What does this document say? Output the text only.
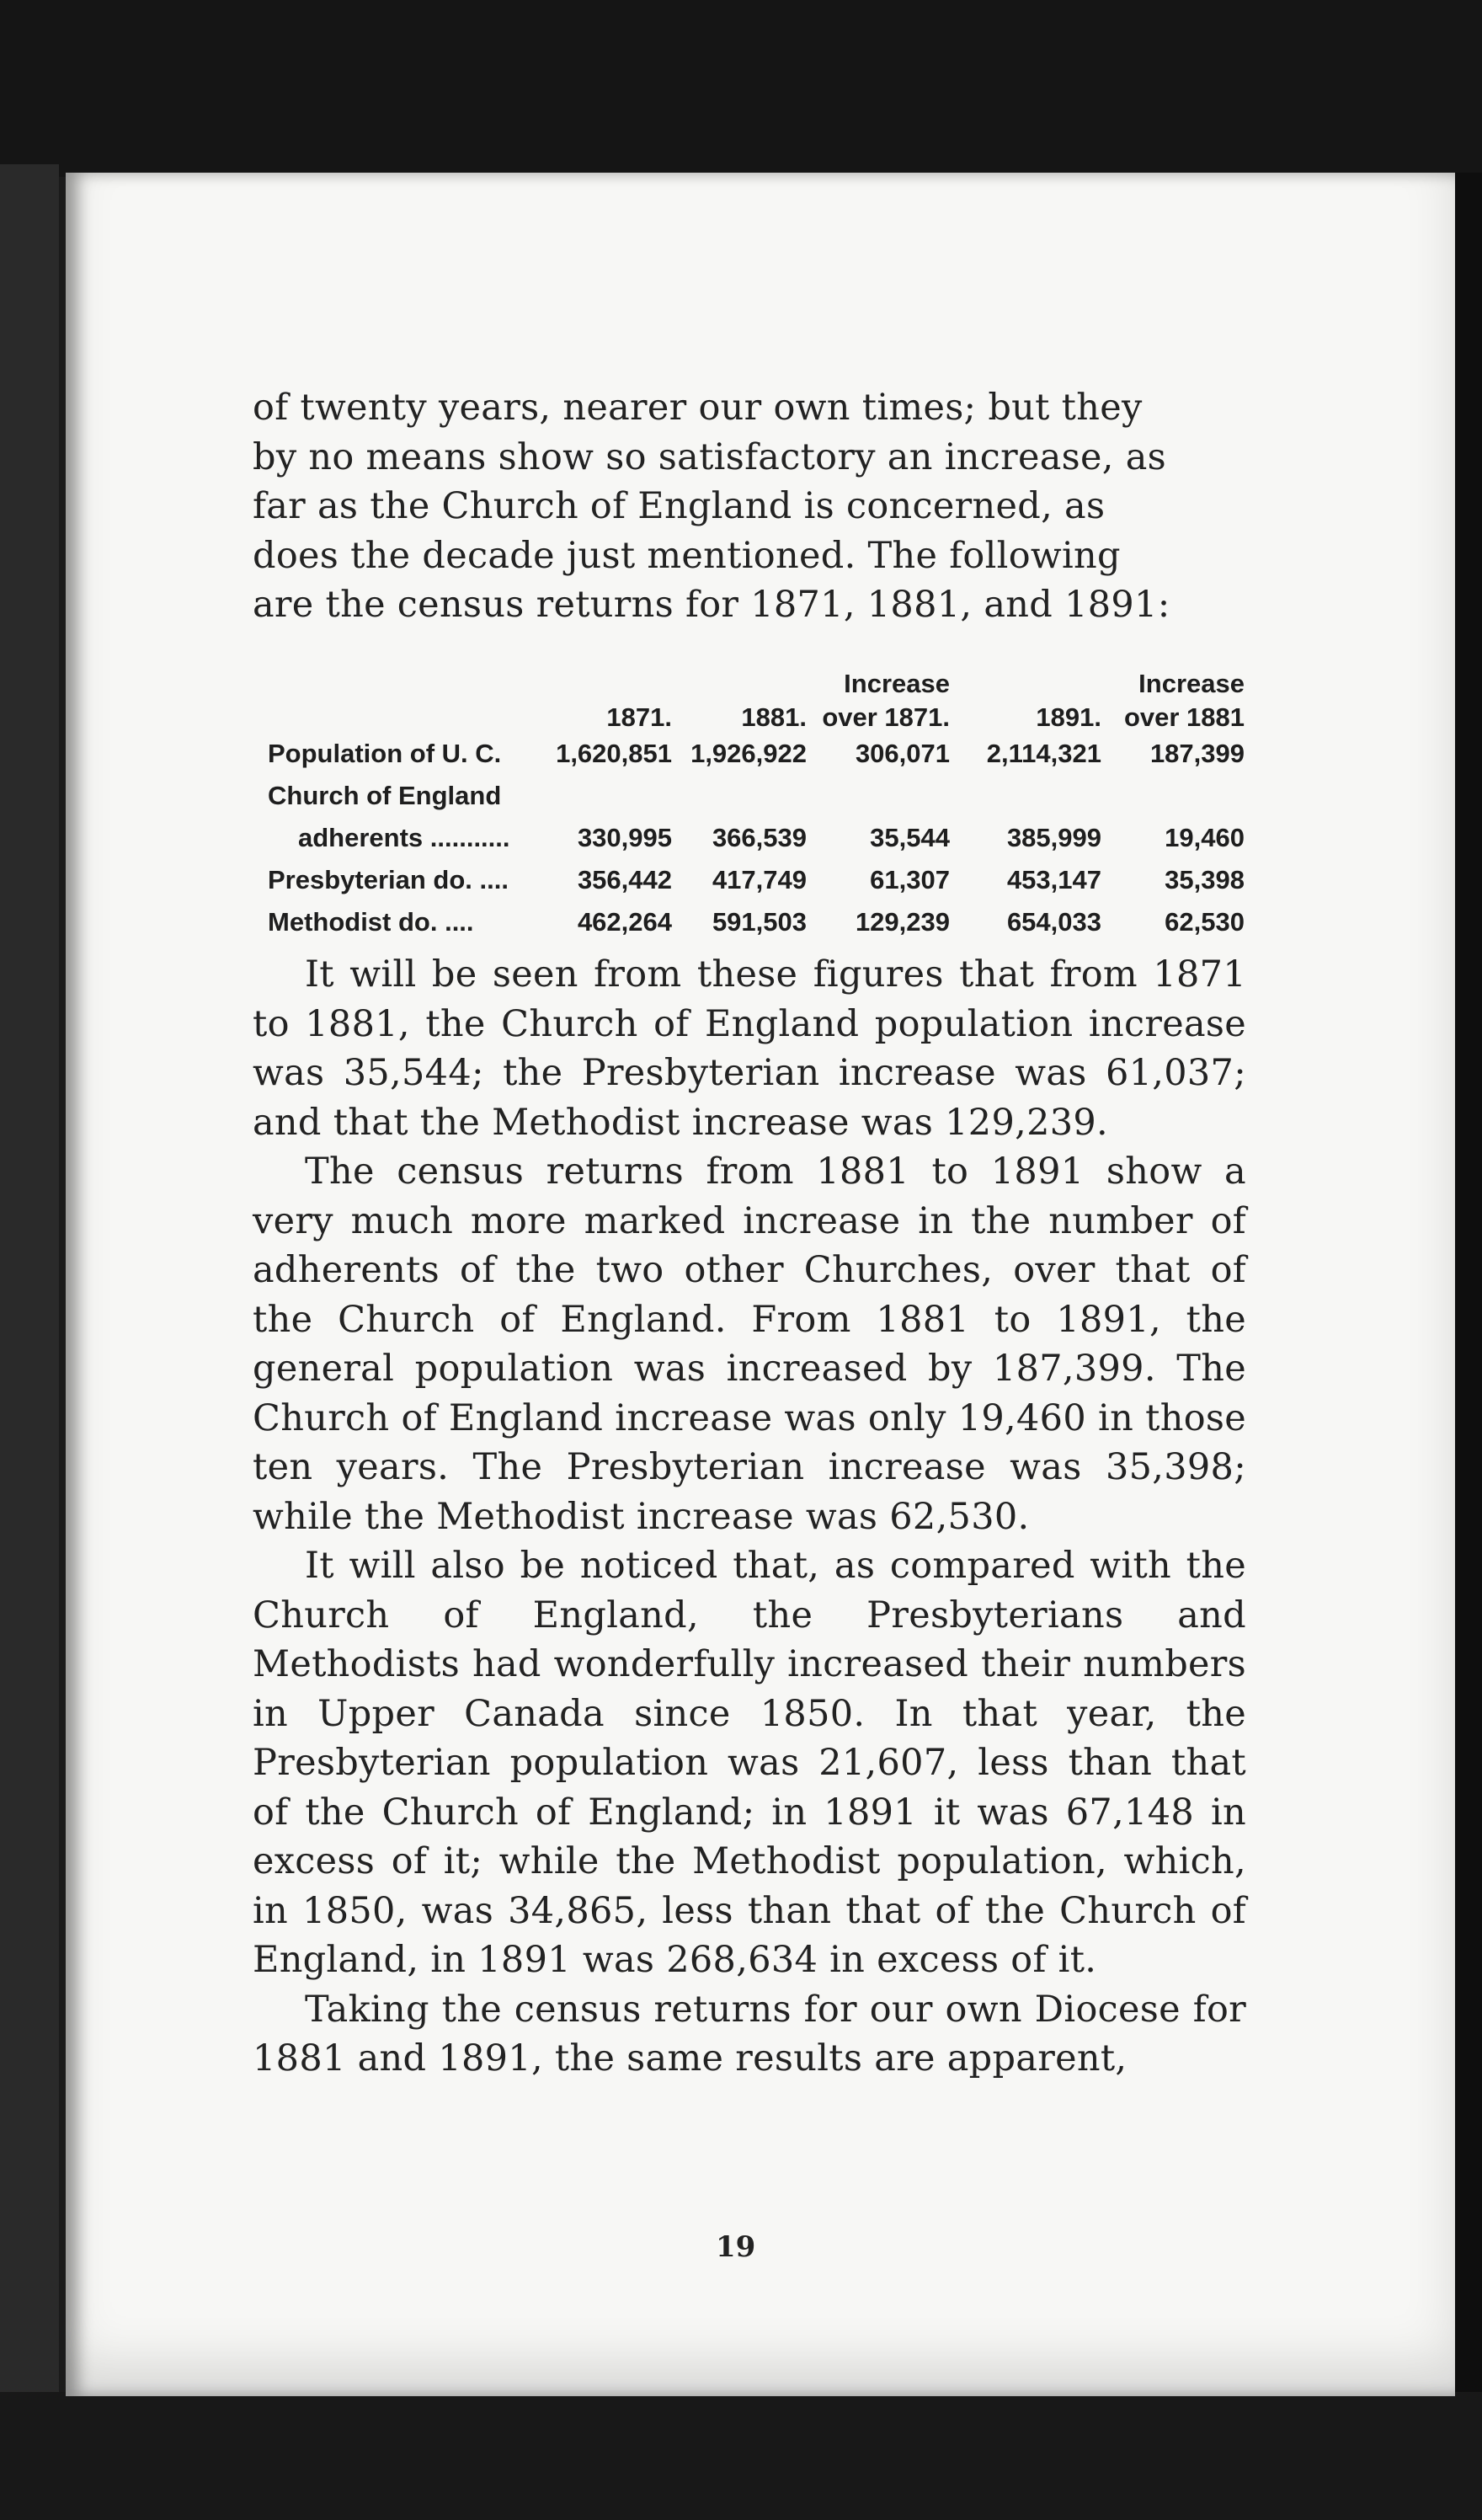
of twenty years, nearer our own times; but they

by no means show so satisfactory an increase, as

far as the Church of England is concerned, as

does the decade just mentioned. The following

are the census returns for 1871, 1881, and 1891:

			Increase		Increase
	1871.	1881.	over 1871.	1891.	over 1881
Population of U. C.	1,620,851	1,926,922	306,071	2,114,321	187,399
Church of England					
adherents ...........	330,995	366,539	35,544	385,999	19,460
Presbyterian do. ....	356,442	417,749	61,307	453,147	35,398
Methodist do. ....	462,264	591,503	129,239	654,033	62,530

It will be seen from these figures that from 1871 to 1881, the Church of England population increase was 35,544; the Presbyterian increase was 61,037; and that the Methodist increase was 129,239.

The census returns from 1881 to 1891 show a very much more marked increase in the number of adherents of the two other Churches, over that of the Church of England. From 1881 to 1891, the general population was increased by 187,399. The Church of England increase was only 19,460 in those ten years. The Presbyterian increase was 35,398; while the Methodist increase was 62,530.

It will also be noticed that, as compared with the Church of England, the Presbyterians and Methodists had wonderfully increased their numbers in Upper Canada since 1850. In that year, the Presbyterian population was 21,607, less than that of the Church of England; in 1891 it was 67,148 in excess of it; while the Methodist population, which, in 1850, was 34,865, less than that of the Church of England, in 1891 was 268,634 in excess of it.

Taking the census returns for our own Diocese for 1881 and 1891, the same results are apparent,

19
